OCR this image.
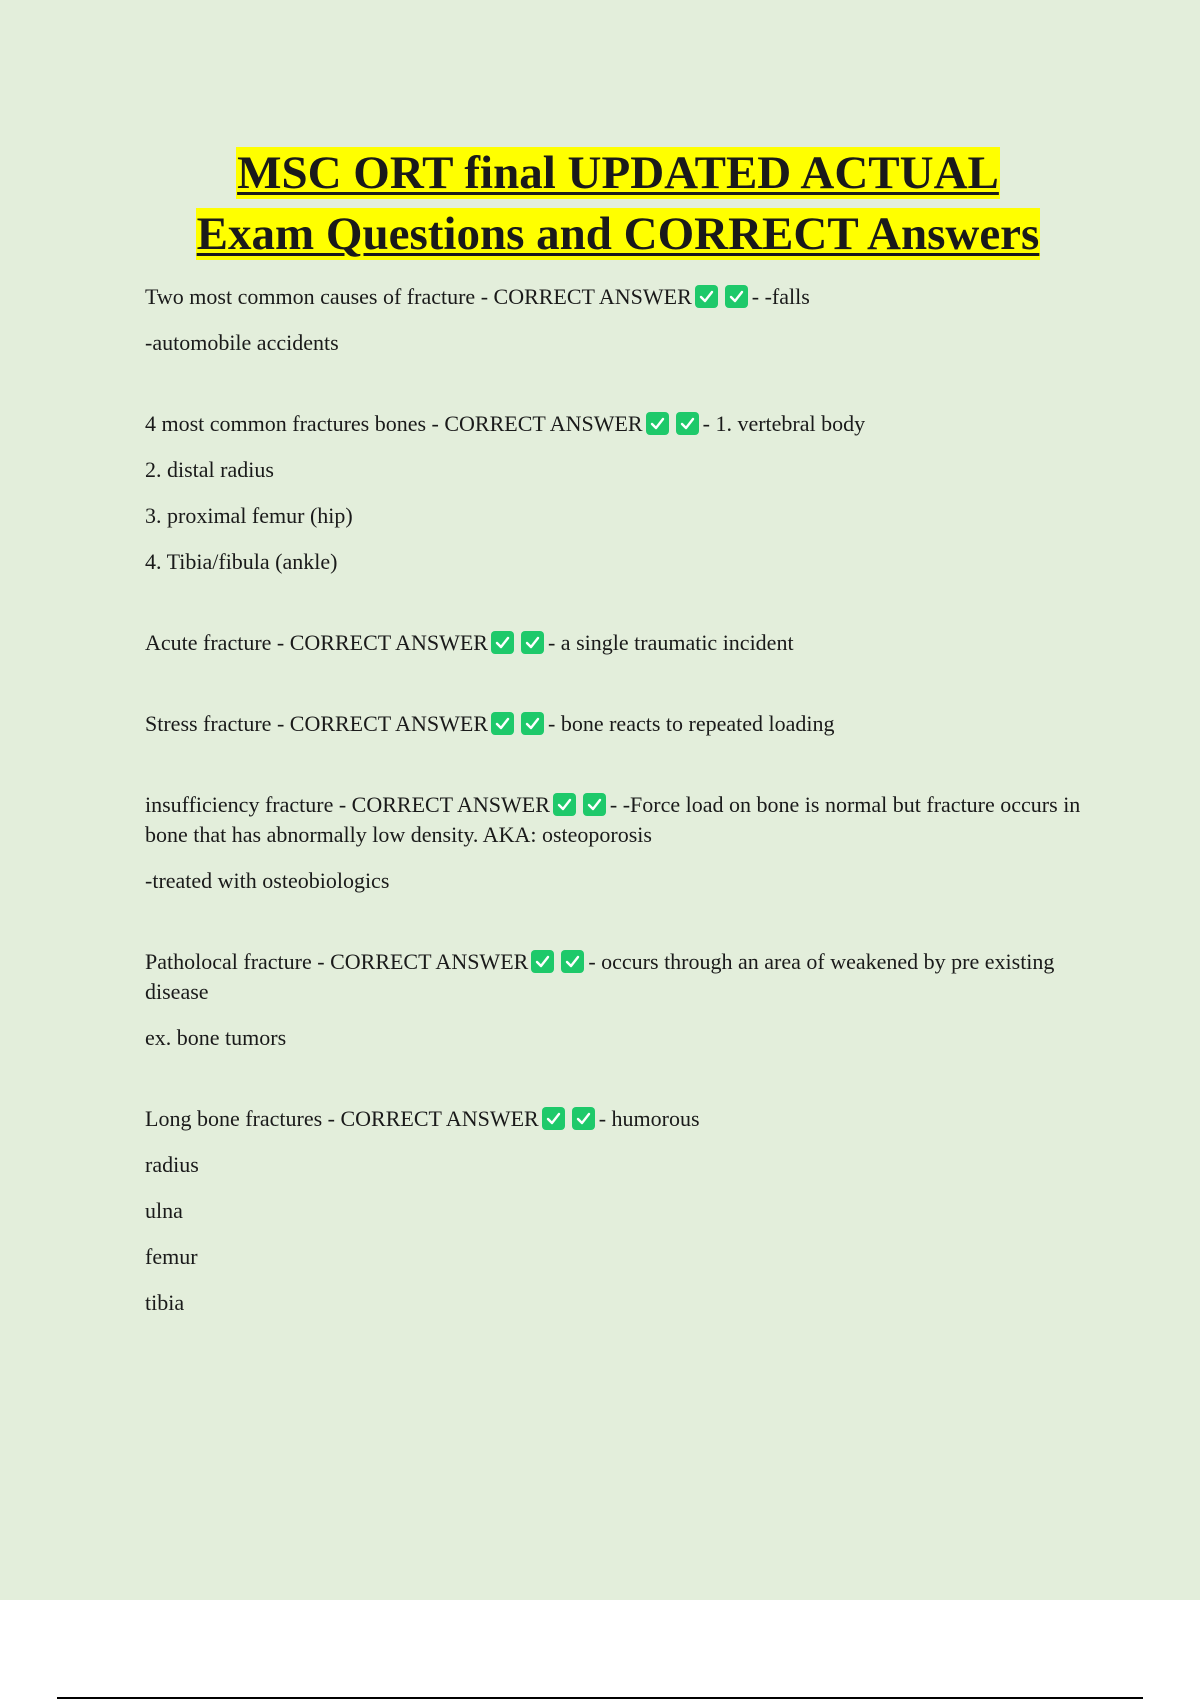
MSC ORT final UPDATED ACTUAL
Exam Questions and CORRECT Answers

Two most common causes of fracture - CORRECT ANSWER	- -falls

-automobile accidents

4 most common fractures bones - CORRECT ANSWER	- 1. vertebral body

2. distal radius

3. proximal femur (hip)

4. Tibia/fibula (ankle)

Acute fracture - CORRECT ANSWER	- a single traumatic incident

Stress fracture - CORRECT ANSWER	- bone reacts to repeated loading

insufficiency fracture - CORRECT ANSWER	- -Force load on bone is normal but fracture occurs in bone that has abnormally low density. AKA: osteoporosis

-treated with osteobiologics

Patholocal fracture - CORRECT ANSWER	- occurs through an area of weakened by pre existing disease

ex. bone tumors

Long bone fractures - CORRECT ANSWER	- humorous

radius

ulna

femur

tibia
